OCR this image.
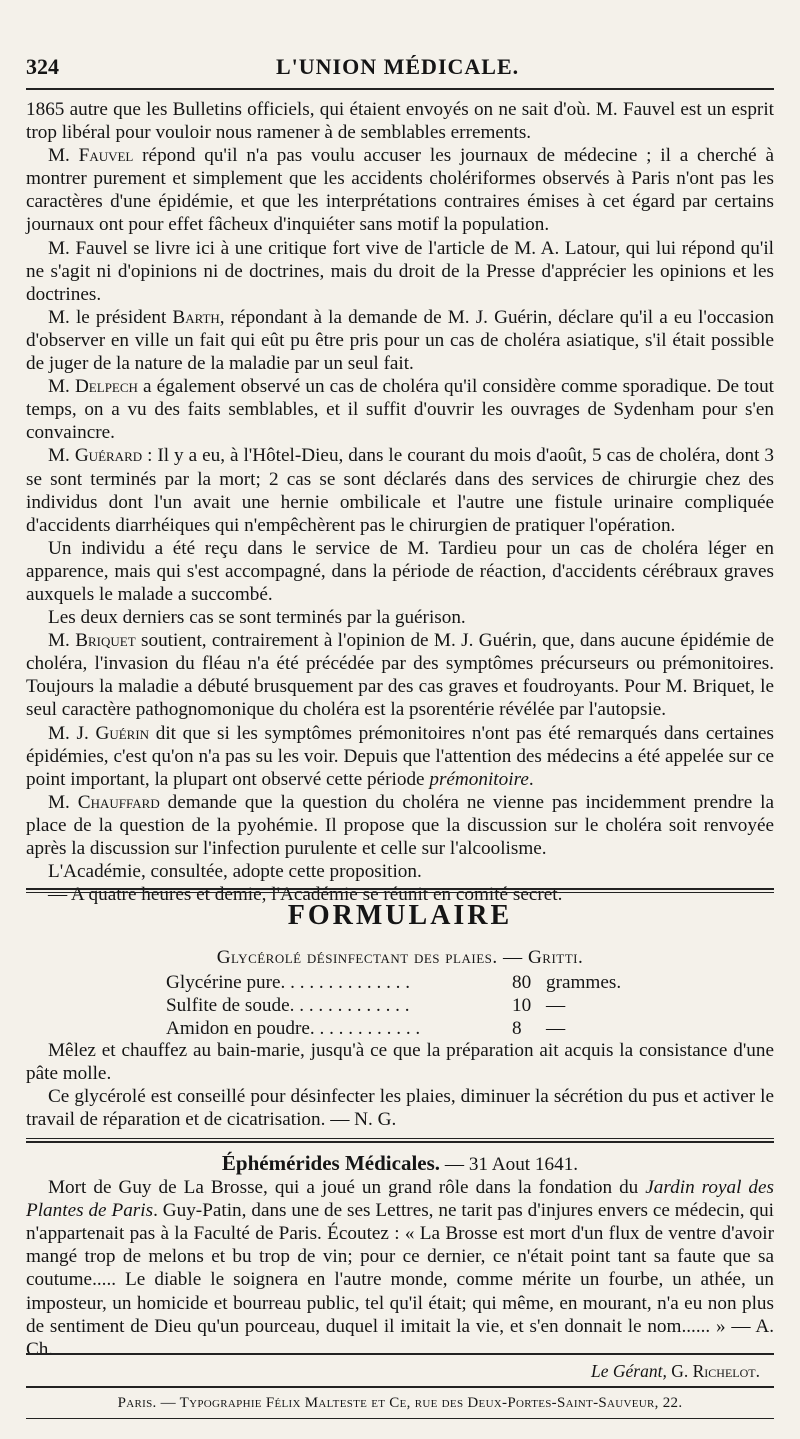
324	L'UNION MÉDICALE.

1865 autre que les Bulletins officiels, qui étaient envoyés on ne sait d'où. M. Fauvel est un esprit trop libéral pour vouloir nous ramener à de semblables errements.

M. Fauvel répond qu'il n'a pas voulu accuser les journaux de médecine ; il a cherché à montrer purement et simplement que les accidents cholériformes observés à Paris n'ont pas les caractères d'une épidémie, et que les interprétations contraires émises à cet égard par certains journaux ont pour effet fâcheux d'inquiéter sans motif la population.

M. Fauvel se livre ici à une critique fort vive de l'article de M. A. Latour, qui lui répond qu'il ne s'agit ni d'opinions ni de doctrines, mais du droit de la Presse d'apprécier les opinions et les doctrines.

M. le président Barth, répondant à la demande de M. J. Guérin, déclare qu'il a eu l'occasion d'observer en ville un fait qui eût pu être pris pour un cas de choléra asiatique, s'il était possible de juger de la nature de la maladie par un seul fait.

M. Delpech a également observé un cas de choléra qu'il considère comme sporadique. De tout temps, on a vu des faits semblables, et il suffit d'ouvrir les ouvrages de Sydenham pour s'en convaincre.

M. Guérard : Il y a eu, à l'Hôtel-Dieu, dans le courant du mois d'août, 5 cas de choléra, dont 3 se sont terminés par la mort; 2 cas se sont déclarés dans des services de chirurgie chez des individus dont l'un avait une hernie ombilicale et l'autre une fistule urinaire compliquée d'accidents diarrhéiques qui n'empêchèrent pas le chirurgien de pratiquer l'opération.

Un individu a été reçu dans le service de M. Tardieu pour un cas de choléra léger en apparence, mais qui s'est accompagné, dans la période de réaction, d'accidents cérébraux graves auxquels le malade a succombé.

Les deux derniers cas se sont terminés par la guérison.

M. Briquet soutient, contrairement à l'opinion de M. J. Guérin, que, dans aucune épidémie de choléra, l'invasion du fléau n'a été précédée par des symptômes précurseurs ou prémonitoires. Toujours la maladie a débuté brusquement par des cas graves et foudroyants. Pour M. Briquet, le seul caractère pathognomonique du choléra est la psorentérie révélée par l'autopsie.

M. J. Guérin dit que si les symptômes prémonitoires n'ont pas été remarqués dans certaines épidémies, c'est qu'on n'a pas su les voir. Depuis que l'attention des médecins a été appelée sur ce point important, la plupart ont observé cette période prémonitoire.

M. Chauffard demande que la question du choléra ne vienne pas incidemment prendre la place de la question de la pyohémie. Il propose que la discussion sur le choléra soit renvoyée après la discussion sur l'infection purulente et celle sur l'alcoolisme.

L'Académie, consultée, adopte cette proposition.

— A quatre heures et demie, l'Académie se réunit en comité secret.

FORMULAIRE
Glycérolé désinfectant des plaies. — Gritti.
Glycérine pure. . . . . . . . . . . . . .	80 grammes.
Sulfite de soude. . . . . . . . . . . . .	10 —
Amidon en poudre. . . . . . . . . . . .	8 —

Mêlez et chauffez au bain-marie, jusqu'à ce que la préparation ait acquis la consistance d'une pâte molle.

Ce glycérolé est conseillé pour désinfecter les plaies, diminuer la sécrétion du pus et activer le travail de réparation et de cicatrisation. — N. G.

Éphémérides Médicales. — 31 Aout 1641.

Mort de Guy de La Brosse, qui a joué un grand rôle dans la fondation du Jardin royal des Plantes de Paris. Guy-Patin, dans une de ses Lettres, ne tarit pas d'injures envers ce médecin, qui n'appartenait pas à la Faculté de Paris. Écoutez : « La Brosse est mort d'un flux de ventre d'avoir mangé trop de melons et bu trop de vin; pour ce dernier, ce n'était point tant sa faute que sa coutume..... Le diable le soignera en l'autre monde, comme mérite un fourbe, un athée, un imposteur, un homicide et bourreau public, tel qu'il était; qui même, en mourant, n'a eu non plus de sentiment de Dieu qu'un pourceau, duquel il imitait la vie, et s'en donnait le nom...... » — A. Ch.

Le Gérant, G. Richelot.
Paris. — Typographie Félix Malteste et Ce, rue des Deux-Portes-Saint-Sauveur, 22.
